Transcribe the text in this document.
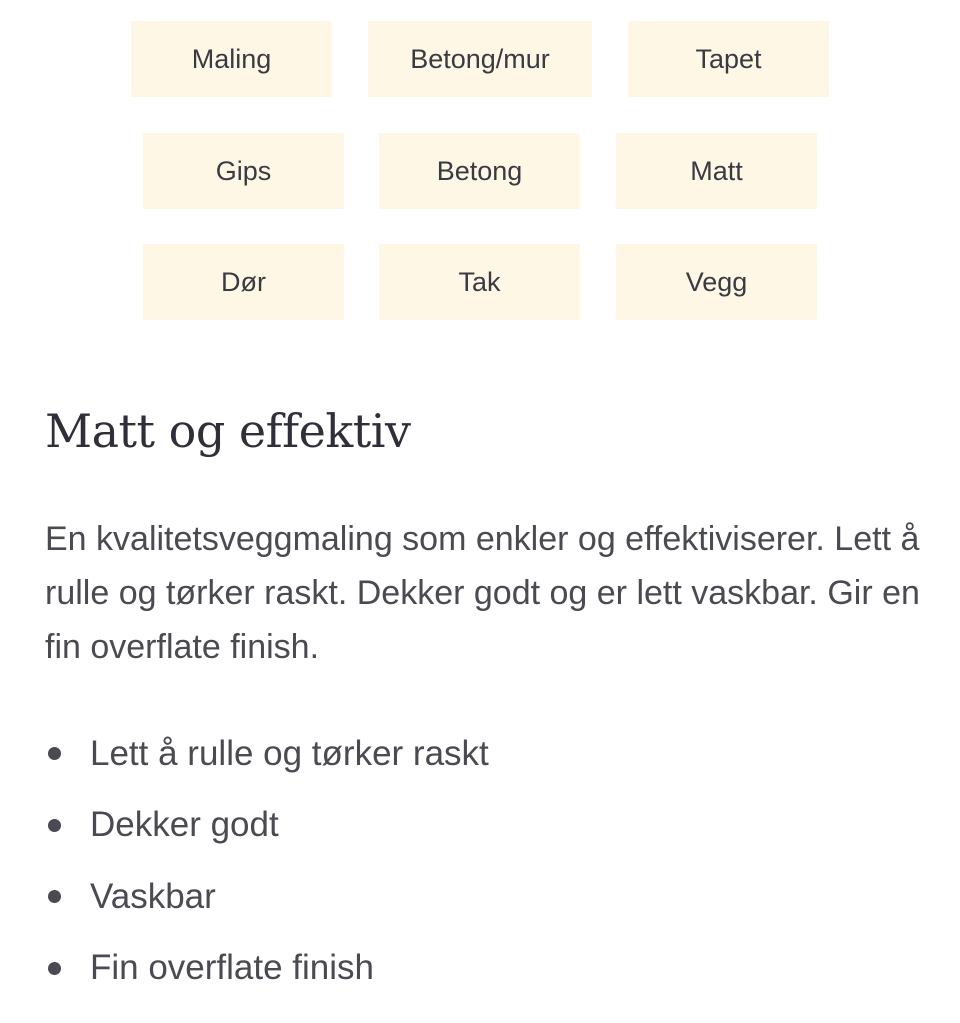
Maling	Betong/mur	Tapet
Gips	Betong	Matt
Dør	Tak	Vegg
Matt og effektiv

En kvalitetsveggmaling som enkler og effektiviserer. Lett å rulle og tørker raskt. Dekker godt og er lett vaskbar. Gir en fin overflate finish.

Lett å rulle og tørker raskt
Dekker godt
Vaskbar
Fin overflate finish
